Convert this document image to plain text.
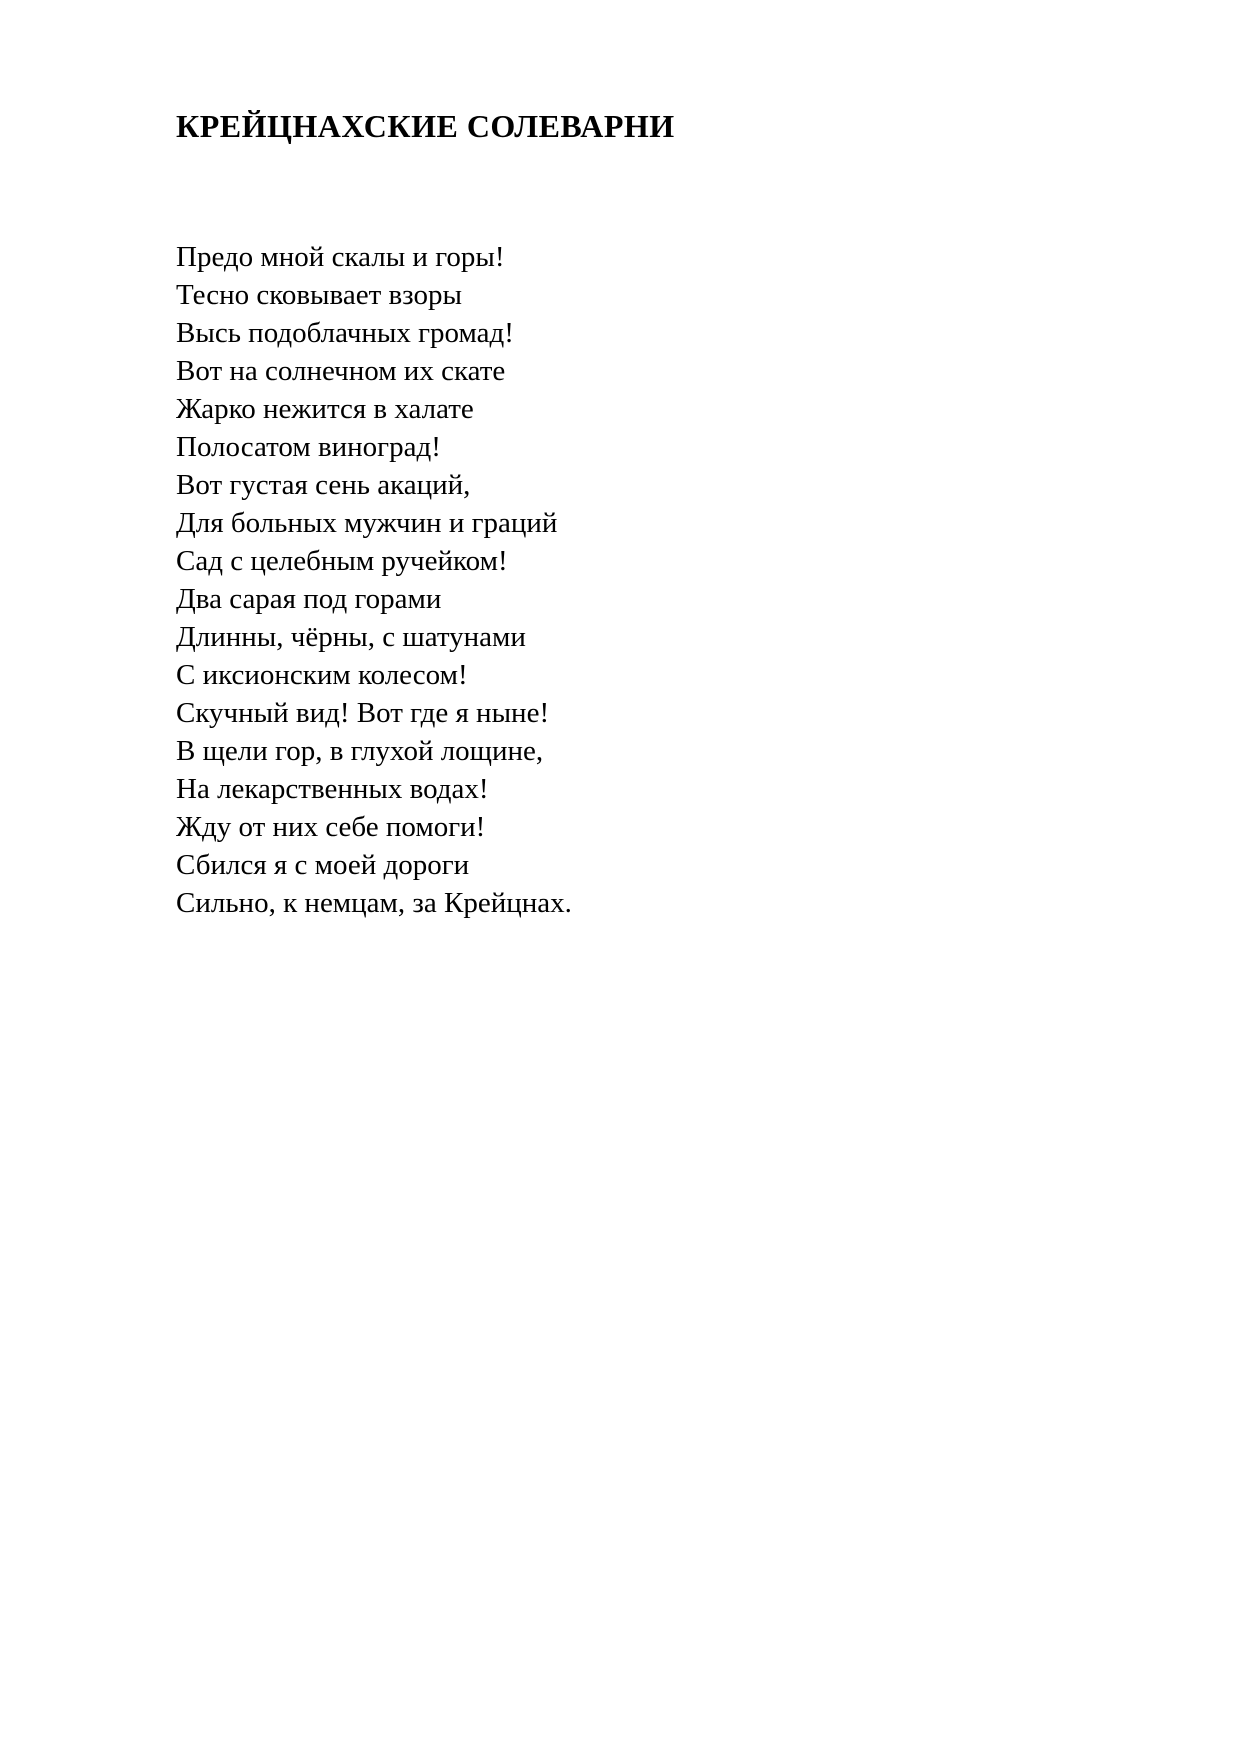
КРЕЙЦНАХСКИЕ СОЛЕВАРНИ

Предо мной скалы и горы!

Тесно сковывает взоры

Высь подоблачных громад!

Вот на солнечном их скате

Жарко нежится в халате

Полосатом виноград!

Вот густая сень акаций,

Для больных мужчин и граций

Сад с целебным ручейком!

Два сарая под горами

Длинны, чёрны, с шатунами

С иксионским колесом!

Скучный вид! Вот где я ныне!

В щели гор, в глухой лощине,

На лекарственных водах!

Жду от них себе помоги!

Сбился я с моей дороги

Сильно, к немцам, за Крейцнах.
